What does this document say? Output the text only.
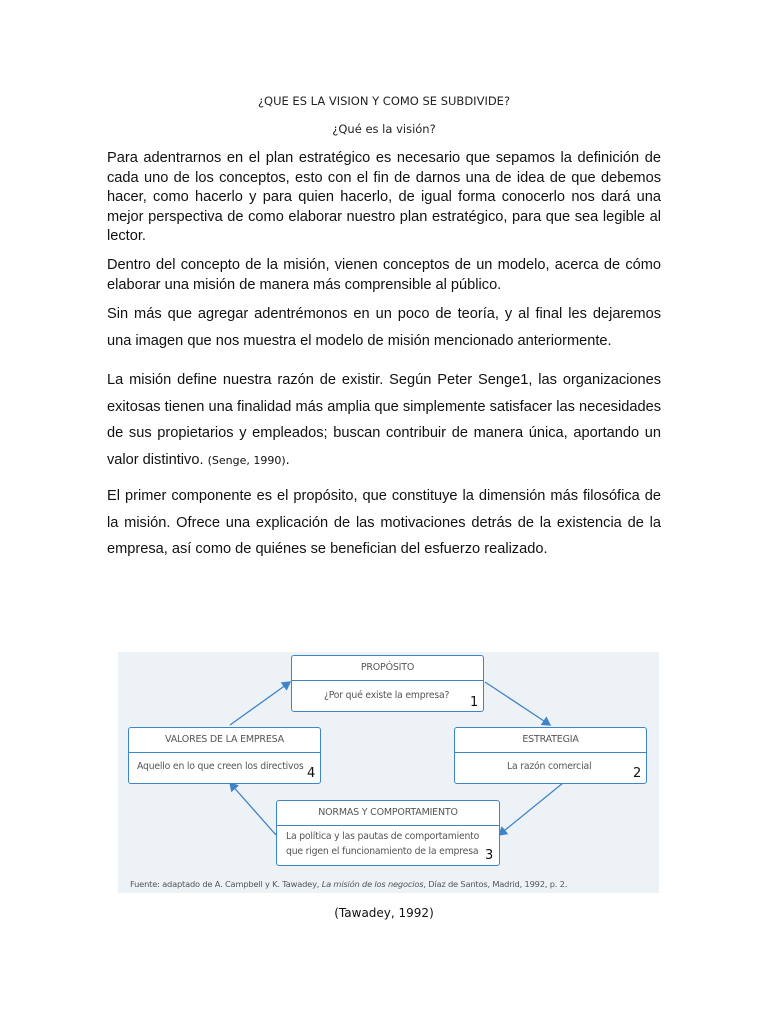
¿QUE ES LA VISION Y COMO SE SUBDIVIDE?
¿Qué es la visión?
Para adentrarnos en el plan estratégico es necesario que sepamos la definición de cada uno de los conceptos, esto con el fin de darnos una de idea de que debemos hacer, como hacerlo y para quien hacerlo, de igual forma conocerlo nos dará una mejor perspectiva de como elaborar nuestro plan estratégico, para que sea legible al lector.
Dentro del concepto de la misión, vienen conceptos de un modelo, acerca de cómo elaborar una misión de manera más comprensible al público.
Sin más que agregar adentrémonos en un poco de teoría, y al final les dejaremos una imagen que nos muestra el modelo de misión mencionado anteriormente.
La misión define nuestra razón de existir. Según Peter Senge1, las organizaciones exitosas tienen una finalidad más amplia que simplemente satisfacer las necesidades de sus propietarios y empleados; buscan contribuir de manera única, aportando un valor distintivo. (Senge, 1990).
El primer componente es el propósito, que constituye la dimensión más filosófica de la misión. Ofrece una explicación de las motivaciones detrás de la existencia de la empresa, así como de quiénes se benefician del esfuerzo realizado.
PROPÓSITO
¿Por qué existe la empresa? 1
ESTRATEGIA
La razón comercial	2
VALORES DE LA EMPRESA
Aquello en lo que creen los directivos 4
NORMAS Y COMPORTAMIENTO
La política y las pautas de comportamiento
que rigen el funcionamiento de la empresa 3
Fuente: adaptado de A. Campbell y K. Tawadey, La misión de los negocios, Díaz de Santos, Madrid, 1992, p. 2.
(Tawadey, 1992)
